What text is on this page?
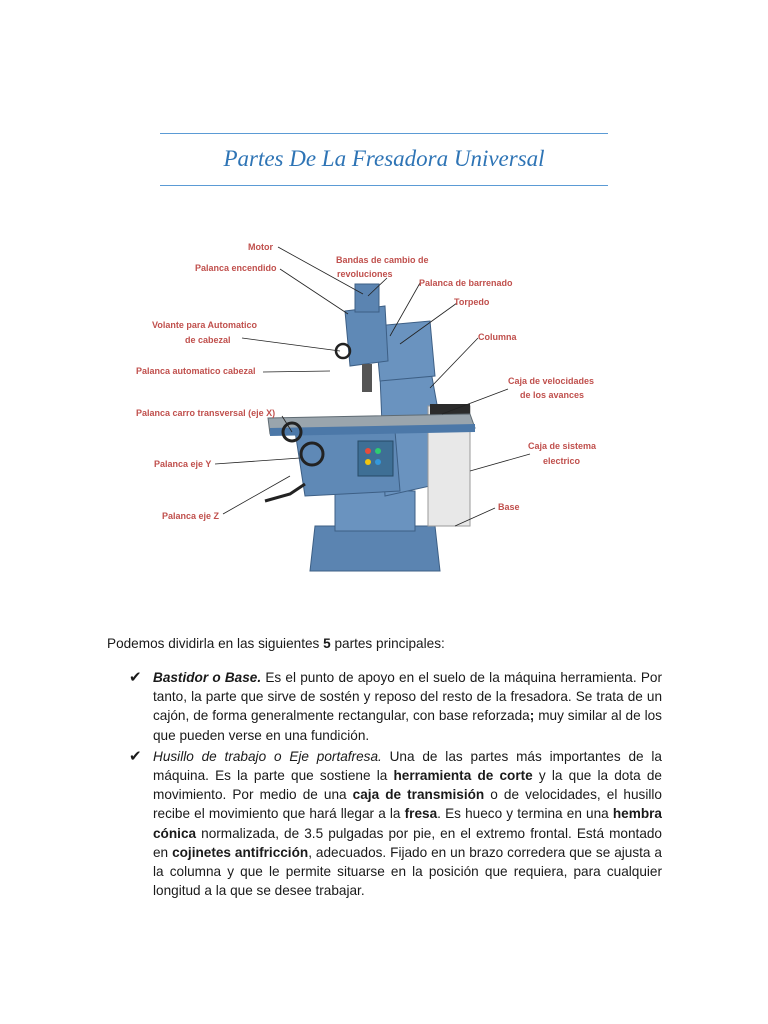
Partes De La Fresadora Universal
Motor
Bandas de cambio de
revoluciones
Palanca encendido
Palanca de barrenado
Torpedo
Volante para Automatico
de cabezal	Columna
Palanca automatico cabezal
Caja de velocidades
de los avances
Palanca carro transversal (eje X)
Caja de sistema
electrico
Palanca eje Y
Base
Palanca eje Z
Podemos dividirla en las siguientes 5 partes principales:
✔ Bastidor o Base. Es el punto de apoyo en el suelo de la máquina herramienta. Por tanto, la parte que sirve de sostén y reposo del resto de la fresadora. Se trata de un cajón, de forma generalmente rectangular, con base reforzada; muy similar al de los que pueden verse en una fundición.
✔ Husillo de trabajo o Eje portafresa. Una de las partes más importantes de la máquina. Es la parte que sostiene la herramienta de corte y la que la dota de movimiento. Por medio de una caja de transmisión o de velocidades, el husillo recibe el movimiento que hará llegar a la fresa. Es hueco y termina en una hembra cónica normalizada, de 3.5 pulgadas por pie, en el extremo frontal. Está montado en cojinetes antifricción, adecuados. Fijado en un brazo corredera que se ajusta a la columna y que le permite situarse en la posición que requiera, para cualquier longitud a la que se desee trabajar.
